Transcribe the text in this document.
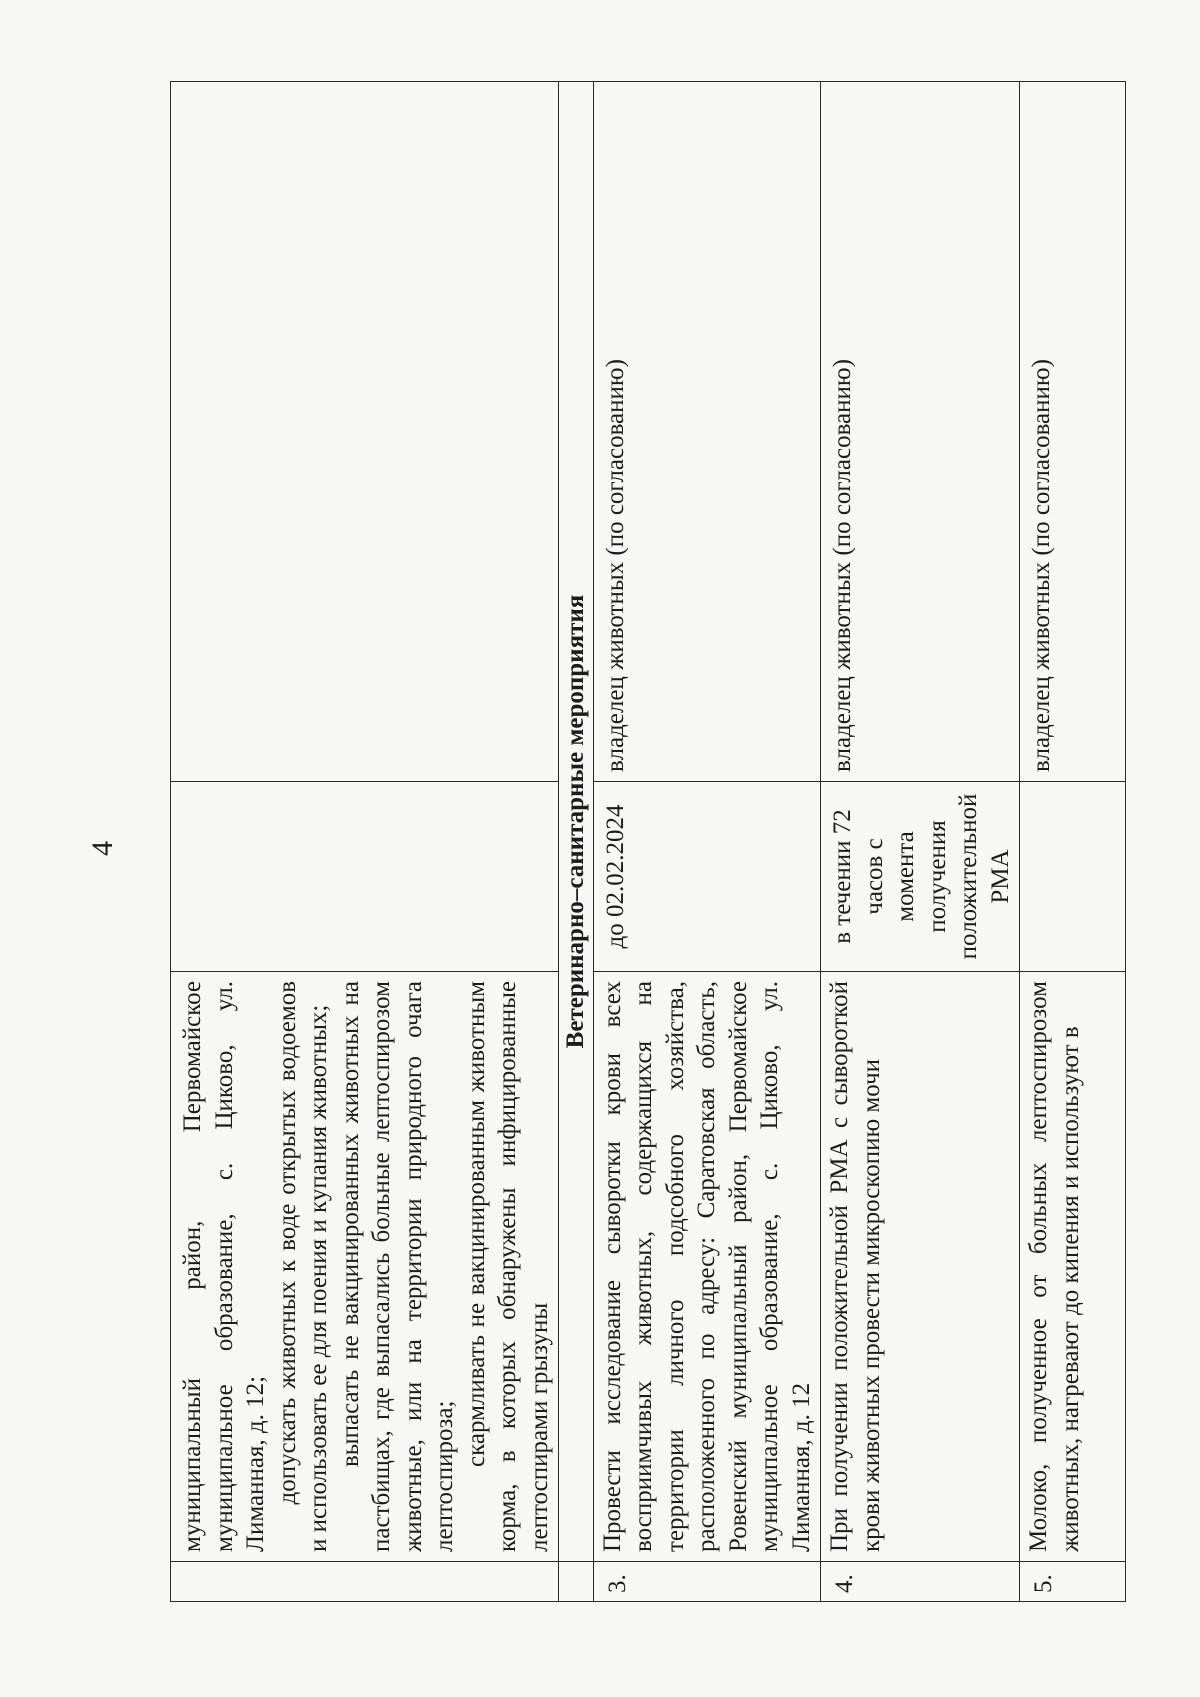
4

	муниципальный район, Первомайское муниципальное образование, с. Циково, ул. Лиманная, д. 12; допускать животных к воде открытых водоемов и использовать ее для поения и купания животных; выпасать не вакцинированных животных на пастбищах, где выпасались больные лептоспирозом животные, или на территории природного очага лептоспироза;

скармливать не вакцинированным животным корма, в которых обнаружены инфицированные лептоспирами грызуны		

	Ветеринарно–санитарные мероприятия		
3.	Провести исследование сыворотки крови всех восприимчивых животных, содержащихся на территории личного подсобного хозяйства, расположенного по адресу: Саратовская область, Ровенский муниципальный район, Первомайское муниципальное образование, с. Циково, ул. Лиманная, д. 12	до 02.02.2024	владелец животных (по согласованию)
4.	При получении положительной РМА с сывороткой крови животных провести микроскопию мочи	в течении 72 часов с момента получения положительной РМА	владелец животных (по согласованию)
5.	Молоко, полученное от больных лептоспирозом животных, нагревают до кипения и используют в		владелец животных (по согласованию)
